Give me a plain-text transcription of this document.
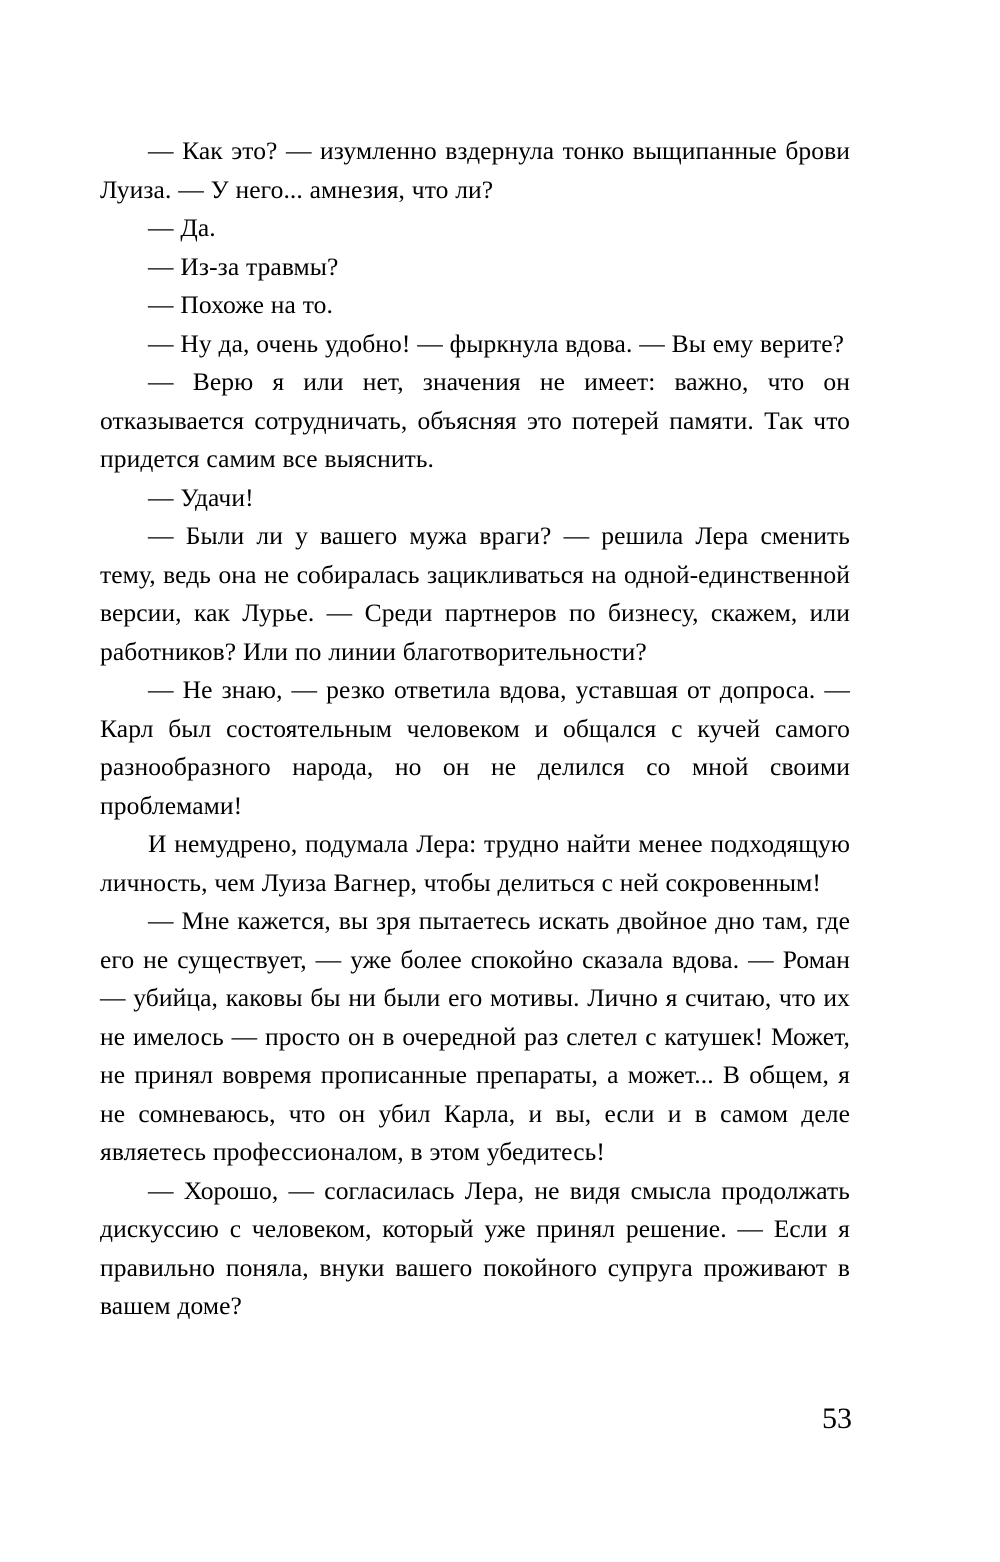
— Как это? — изумленно вздернула тонко выщипанные брови Луиза. — У него... амнезия, что ли?

— Да.

— Из-за травмы?

— Похоже на то.

— Ну да, очень удобно! — фыркнула вдова. — Вы ему верите?

— Верю я или нет, значения не имеет: важно, что он отказывается сотрудничать, объясняя это потерей памяти. Так что придется самим все выяснить.

— Удачи!

— Были ли у вашего мужа враги? — решила Лера сменить тему, ведь она не собиралась зацикливаться на одной-единственной версии, как Лурье. — Среди партнеров по бизнесу, скажем, или работников? Или по линии благотворительности?

— Не знаю, — резко ответила вдова, уставшая от допроса. — Карл был состоятельным человеком и общался с кучей самого разнообразного народа, но он не делился со мной своими проблемами!

И немудрено, подумала Лера: трудно найти менее подходящую личность, чем Луиза Вагнер, чтобы делиться с ней сокровенным!

— Мне кажется, вы зря пытаетесь искать двойное дно там, где его не существует, — уже более спокойно сказала вдова. — Роман — убийца, каковы бы ни были его мотивы. Лично я считаю, что их не имелось — просто он в очередной раз слетел с катушек! Может, не принял вовремя прописанные препараты, а может... В общем, я не сомневаюсь, что он убил Карла, и вы, если и в самом деле являетесь профессионалом, в этом убедитесь!

— Хорошо, — согласилась Лера, не видя смысла продолжать дискуссию с человеком, который уже принял решение. — Если я правильно поняла, внуки вашего покойного супруга проживают в вашем доме?

53
